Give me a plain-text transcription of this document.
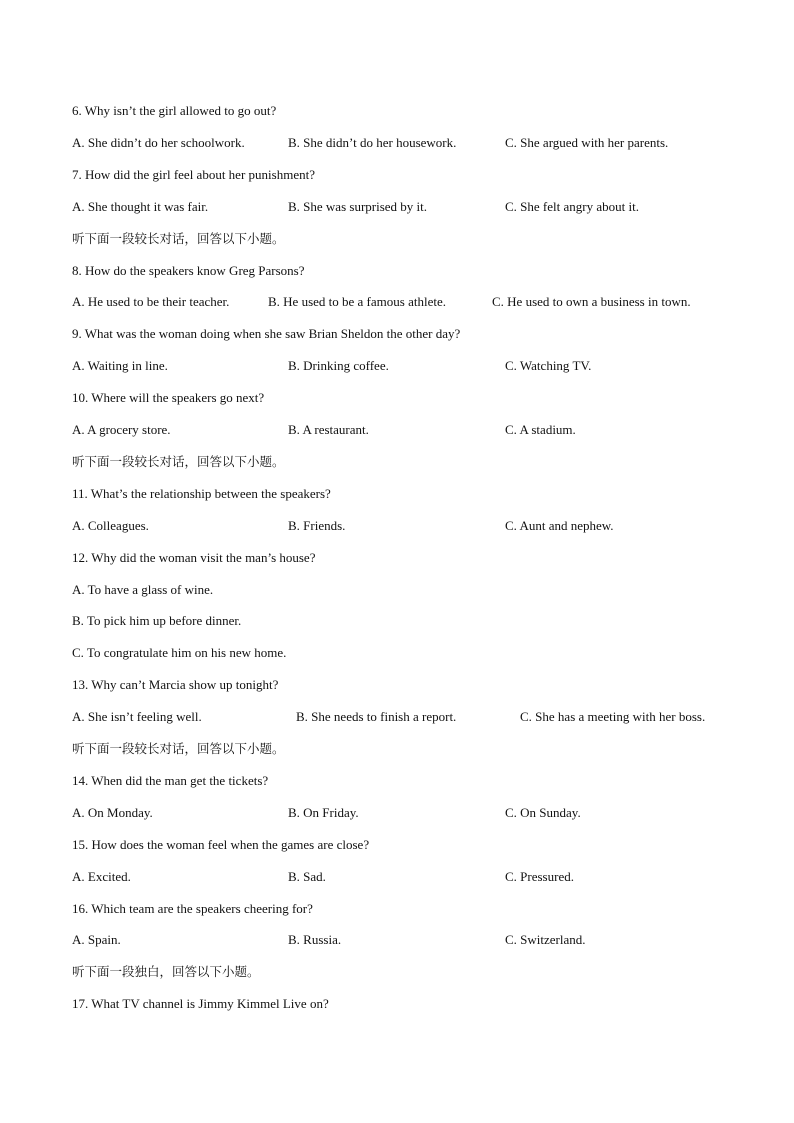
6. Why isn’t the girl allowed to go out?
A. She didn’t do her schoolwork.	B. She didn’t do her housework.	C. She argued with her parents.
7. How did the girl feel about her punishment?
A. She thought it was fair.	B. She was surprised by it.	C. She felt angry about it.
听下面一段较长对话，回答以下小题。
8. How do the speakers know Greg Parsons?
A. He used to be their teacher.	B. He used to be a famous athlete.	C. He used to own a business in town.
9. What was the woman doing when she saw Brian Sheldon the other day?
A. Waiting in line.	B. Drinking coffee.	C. Watching TV.
10. Where will the speakers go next?
A. A grocery store.	B. A restaurant.	C. A stadium.
听下面一段较长对话，回答以下小题。
11. What’s the relationship between the speakers?
A. Colleagues.	B. Friends.	C. Aunt and nephew.
12. Why did the woman visit the man’s house?
A. To have a glass of wine.
B. To pick him up before dinner.
C. To congratulate him on his new home.
13. Why can’t Marcia show up tonight?
A. She isn’t feeling well.	B. She needs to finish a report.	C. She has a meeting with her boss.
听下面一段较长对话，回答以下小题。
14. When did the man get the tickets?
A. On Monday.	B. On Friday.	C. On Sunday.
15. How does the woman feel when the games are close?
A. Excited.	B. Sad.	C. Pressured.
16. Which team are the speakers cheering for?
A. Spain.	B. Russia.	C. Switzerland.
听下面一段独白，回答以下小题。
17. What TV channel is Jimmy Kimmel Live on?
